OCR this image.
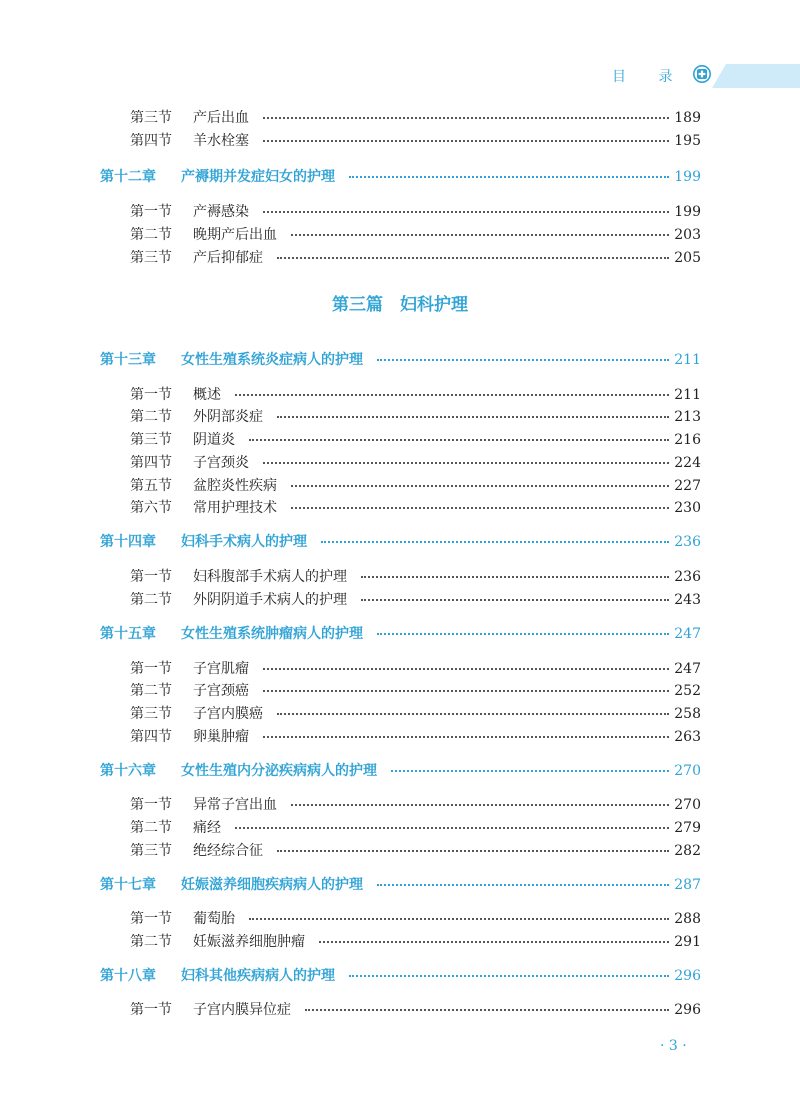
目 录
第三篇　妇科护理
第三节 产后出血	189
第四节 羊水栓塞	195
第十二章 产褥期并发症妇女的护理	199
第一节 产褥感染	199
第二节 晚期产后出血	203
第三节 产后抑郁症	205
第十三章 女性生殖系统炎症病人的护理	211
第一节 概述	211
第二节 外阴部炎症	213
第三节 阴道炎	216
第四节 子宫颈炎	224
第五节 盆腔炎性疾病	227
第六节 常用护理技术	230
第十四章 妇科手术病人的护理	236
第一节 妇科腹部手术病人的护理	236
第二节 外阴阴道手术病人的护理	243
第十五章 女性生殖系统肿瘤病人的护理	247
第一节 子宫肌瘤	247
第二节 子宫颈癌	252
第三节 子宫内膜癌	258
第四节 卵巢肿瘤	263
第十六章 女性生殖内分泌疾病病人的护理	270
第一节 异常子宫出血	270
第二节 痛经	279
第三节 绝经综合征	282
第十七章 妊娠滋养细胞疾病病人的护理	287
第一节 葡萄胎	288
第二节 妊娠滋养细胞肿瘤	291
第十八章 妇科其他疾病病人的护理	296
第一节 子宫内膜异位症	296
· 3 ·
